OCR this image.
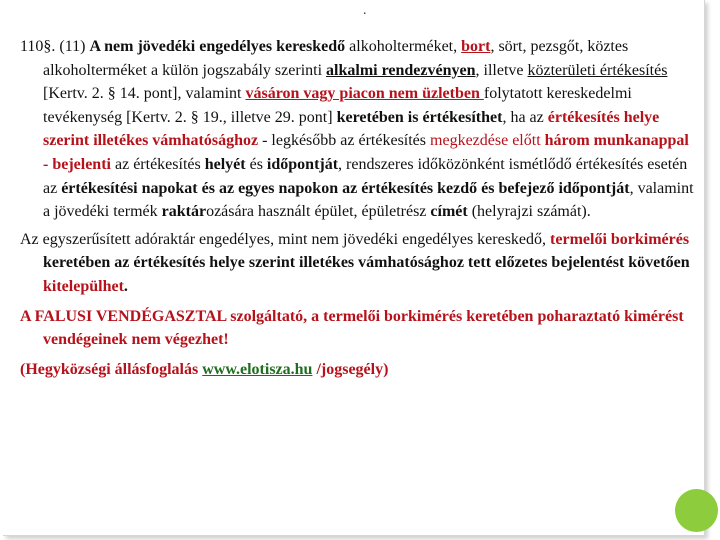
.

110§. (11) A nem jövedéki engedélyes kereskedő alkoholterméket, bort, sört, pezsgőt, köztes alkoholterméket a külön jogszabály szerinti alkalmi rendezvényen, illetve közterületi értékesítés [Kertv. 2. § 14. pont], valamint vásáron vagy piacon nem üzletben folytatott kereskedelmi tevékenység [Kertv. 2. § 19., illetve 29. pont] keretében is értékesíthet, ha az értékesítés helye szerint illetékes vámhatósághoz - legkésőbb az értékesítés megkezdése előtt három munkanappal - bejelenti az értékesítés helyét és időpontját, rendszeres időközönként ismétlődő értékesítés esetén az értékesítési napokat és az egyes napokon az értékesítés kezdő és befejező időpontját, valamint a jövedéki termék raktározására használt épület, épületrész címét (helyrajzi számát).

Az egyszerűsített adóraktár engedélyes, mint nem jövedéki engedélyes kereskedő, termelői borkimérés keretében az értékesítés helye szerint illetékes vámhatósághoz tett előzetes bejelentést követően kitelepülhet.

A FALUSI VENDÉGASZTAL szolgáltató, a termelői borkimérés keretében poharaztató kimérést vendégeinek nem végezhet!

(Hegyközségi állásfoglalás www.elotisza.hu /jogsegély)
